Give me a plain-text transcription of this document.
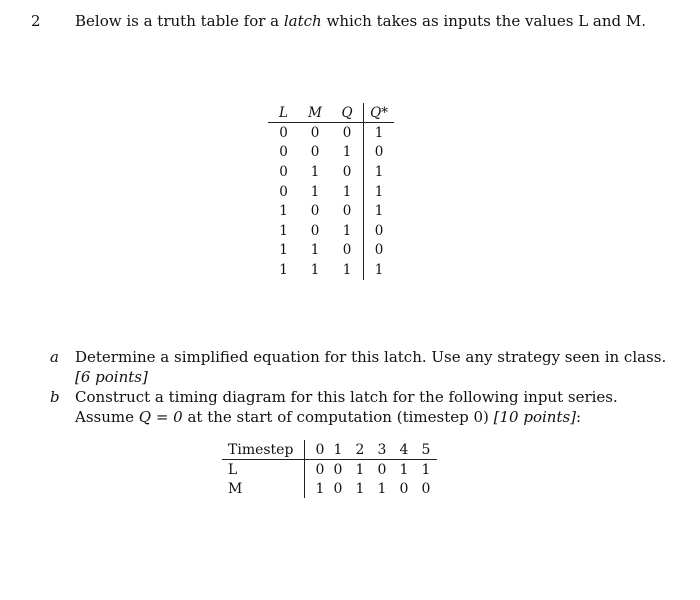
2 Below is a truth table for a latch which takes as inputs the values L and M.
L	M	Q	Q*
0	0	0	1
0	0	1	0
0	1	0	1
0	1	1	1
1	0	0	1
1	0	1	0
1	1	0	0
1	1	1	1
a Determine a simplified equation for this latch. Use any strategy seen in class.
[6 points]
b Construct a timing diagram for this latch for the following input series.
Assume Q = 0 at the start of computation (timestep 0) [10 points]:
Timestep	0	1	2	3	4	5
L	0	0	1	0	1	1
M	1	0	1	1	0	0
